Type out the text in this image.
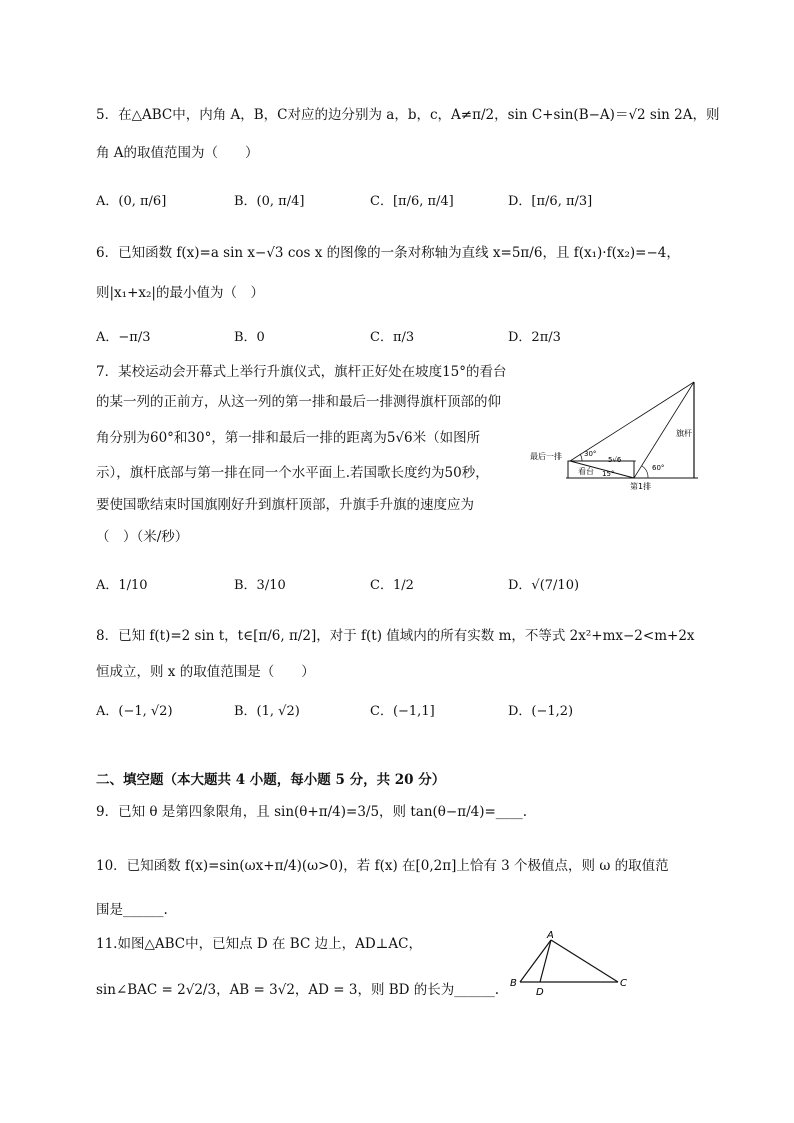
5．在△ABC中，内角 A，B，C对应的边分别为 a，b，c，A≠π/2，sin C+sin(B−A)＝√2 sin 2A，则
角 A的取值范围为（　　）
A．(0, π/6]	B．(0, π/4]	C．[π/6, π/4]	D．[π/6, π/3]
6．已知函数 f(x)=a sin x−√3 cos x 的图像的一条对称轴为直线 x=5π/6，且 f(x₁)·f(x₂)=−4，
则|x₁+x₂|的最小值为（　）
A．−π/3	B．0	C．π/3	D．2π/3
7．某校运动会开幕式上举行升旗仪式，旗杆正好处在坡度15°的看台
的某一列的正前方，从这一列的第一排和最后一排测得旗杆顶部的仰
角分别为60°和30°，第一排和最后一排的距离为5√6米（如图所
示），旗杆底部与第一排在同一个水平面上.若国歌长度约为50秒，
要使国歌结束时国旗刚好升到旗杆顶部，升旗手升旗的速度应为
（　）（米/秒）
A．1/10	B．3/10	C．1/2	D．√(7/10)
最后一排
第1排
看台
旗杆
30°
60°
15°
5√6
8．已知 f(t)=2 sin t，t∈[π/6, π/2]，对于 f(t) 值域内的所有实数 m，不等式 2x²+mx−2<m+2x
恒成立，则 x 的取值范围是（　　）
A．(−1, √2)	B．(1, √2)	C．(−1,1]	D．(−1,2)
二、填空题（本大题共 4 小题，每小题 5 分，共 20 分）
9．已知 θ 是第四象限角，且 sin(θ+π/4)=3/5，则 tan(θ−π/4)=____.
10．已知函数 f(x)=sin(ωx+π/4)(ω>0)，若 f(x) 在[0,2π]上恰有 3 个极值点，则 ω 的取值范
围是______.
11.如图△ABC中，已知点 D 在 BC 边上，AD⊥AC，
sin∠BAC = 2√2/3，AB = 3√2，AD = 3，则 BD 的长为______.
A
B	C
D
